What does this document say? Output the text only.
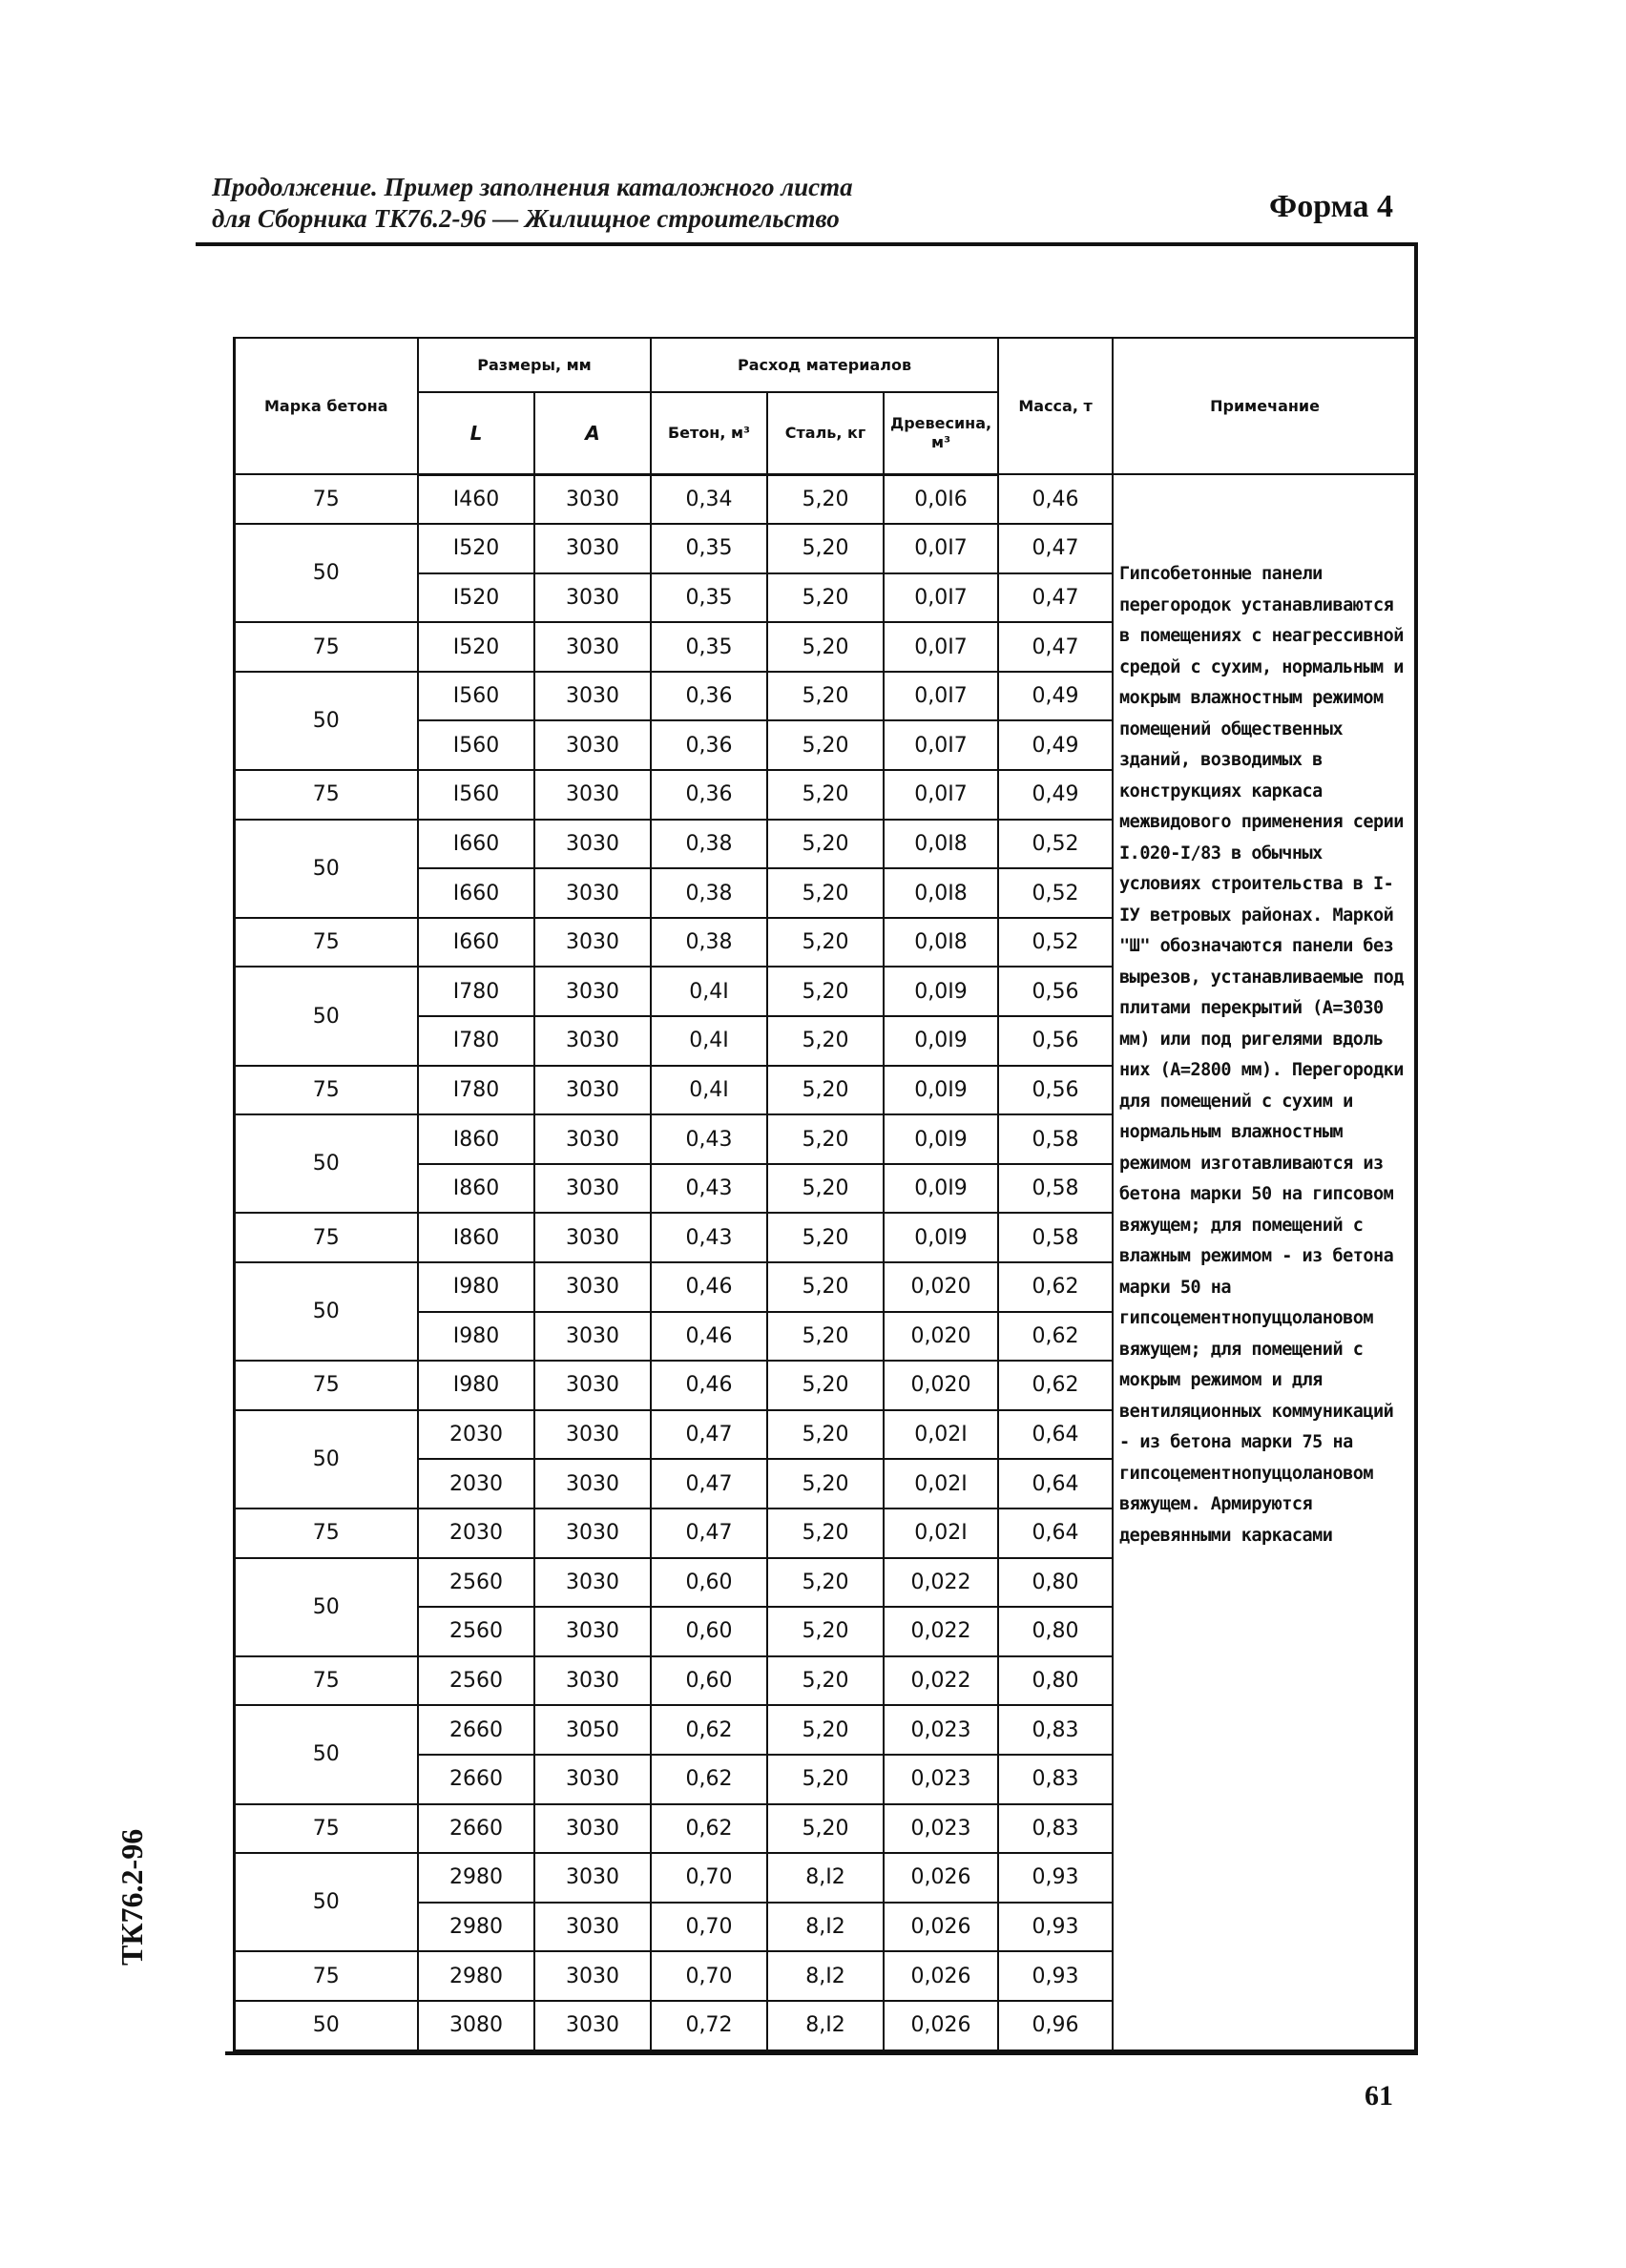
Продолжение. Пример заполнения каталожного листа
для Сборника ТК76.2-96 — Жилищное строительство	Форма 4
	Марка бетона	Размеры, мм		Расход материалов			Масса, т	Примечание
		L	A	Бетон, м³	Сталь, кг	Древесина, м³		
	75	I460	3030	0,34	5,20	0,0I6	0,46	Гипсобетонные панели перегородок устанавливаются в помещениях с неагрессивной средой с сухим, нормальным и мокрым влажностным режимом помещений общественных зданий, возводимых в конструкциях каркаса межвидового применения серии I.020-I/83 в обычных условиях строительства в I-IУ ветровых районах. Маркой "Ш" обозначаются панели без вырезов, устанавливаемые под плитами перекрытий (А=3030 мм) или под ригелями вдоль них (А=2800 мм). Перегородки для помещений с сухим и нормальным влажностным режимом изготавливаются из бетона марки 50 на гипсовом вяжущем; для помещений с влажным режимом - из бетона марки 50 на гипсоцементнопуццолановом вяжущем; для помещений с мокрым режимом и для вентиляционных коммуникаций - из бетона марки 75 на гипсоцементнопуццолановом вяжущем. Армируются деревянными каркасами
	50	I520	3030	0,35	5,20	0,0I7	0,47	
		I520	3030	0,35	5,20	0,0I7	0,47	
	75	I520	3030	0,35	5,20	0,0I7	0,47	
	50	I560	3030	0,36	5,20	0,0I7	0,49	
		I560	3030	0,36	5,20	0,0I7	0,49	
	75	I560	3030	0,36	5,20	0,0I7	0,49	
	50	I660	3030	0,38	5,20	0,0I8	0,52	
		I660	3030	0,38	5,20	0,0I8	0,52	
	75	I660	3030	0,38	5,20	0,0I8	0,52	
	50	I780	3030	0,4I	5,20	0,0I9	0,56	
		I780	3030	0,4I	5,20	0,0I9	0,56	
	75	I780	3030	0,4I	5,20	0,0I9	0,56	
	50	I860	3030	0,43	5,20	0,0I9	0,58	
		I860	3030	0,43	5,20	0,0I9	0,58	
	75	I860	3030	0,43	5,20	0,0I9	0,58	
	50	I980	3030	0,46	5,20	0,020	0,62	
		I980	3030	0,46	5,20	0,020	0,62	
	75	I980	3030	0,46	5,20	0,020	0,62	
	50	2030	3030	0,47	5,20	0,02I	0,64	
		2030	3030	0,47	5,20	0,02I	0,64	
	75	2030	3030	0,47	5,20	0,02I	0,64	
	50	2560	3030	0,60	5,20	0,022	0,80	
		2560	3030	0,60	5,20	0,022	0,80	
	75	2560	3030	0,60	5,20	0,022	0,80	
	50	2660	3050	0,62	5,20	0,023	0,83	
		2660	3030	0,62	5,20	0,023	0,83	
	75	2660	3030	0,62	5,20	0,023	0,83	
	50	2980	3030	0,70	8,I2	0,026	0,93	
		2980	3030	0,70	8,I2	0,026	0,93	
	75	2980	3030	0,70	8,I2	0,026	0,93	
	50	3080	3030	0,72	8,I2	0,026	0,96	
ТК76.2-96
61
